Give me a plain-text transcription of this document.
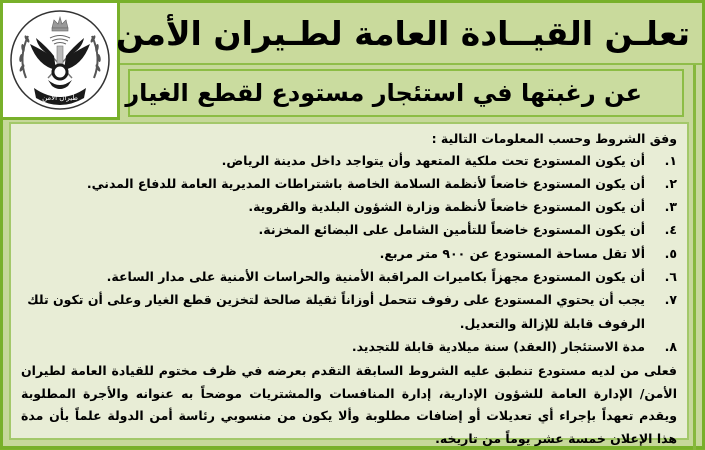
طيران الأمن
تعلـن القيــادة العامة لطـيران الأمن
عن رغبتها في استئجار مستودع لقطع الغيار

وفق الشروط وحسب المعلومات التالية :

١.
أن يكون المستودع تحت ملكية المتعهد وأن يتواجد داخل مدينة الرياض.
٢.
أن يكون المستودع خاضعاً لأنظمة السلامة الخاصة باشتراطات المديرية العامة للدفاع المدني.
٣.
أن يكون المستودع خاضعاً لأنظمة وزارة الشؤون البلدية والقروية.
٤.
أن يكون المستودع خاضعاً للتأمين الشامل على البضائع المخزنة.
٥.
ألا تقل مساحة المستودع عن ٩٠٠ متر مربع.
٦.
أن يكون المستودع مجهزاً بكاميرات المراقبة الأمنية والحراسات الأمنية على مدار الساعة.
٧.
يجب أن يحتوي المستودع على رفوف تتحمل أوزاناً ثقيلة صالحة لتخزين قطع الغيار وعلى أن تكون تلك الرفوف قابلة للإزالة والتعديل.
٨.
مدة الاستئجار (العقد) سنة ميلادية قابلة للتجديد.

فعلى من لديه مستودع تنطبق عليه الشروط السابقة التقدم بعرضه في ظرف مختوم للقيادة العامة لطيران الأمن/ الإدارة العامة للشؤون الإدارية، إدارة المنافسات والمشتريات موضحاً به عنوانه والأجرة المطلوبة ويقدم تعهداً بإجراء أي تعديلات أو إضافات مطلوبة وألا يكون من منسوبي رئاسة أمن الدولة علماً بأن مدة هذا الإعلان خمسة عشر يوماً من تاريخه.
